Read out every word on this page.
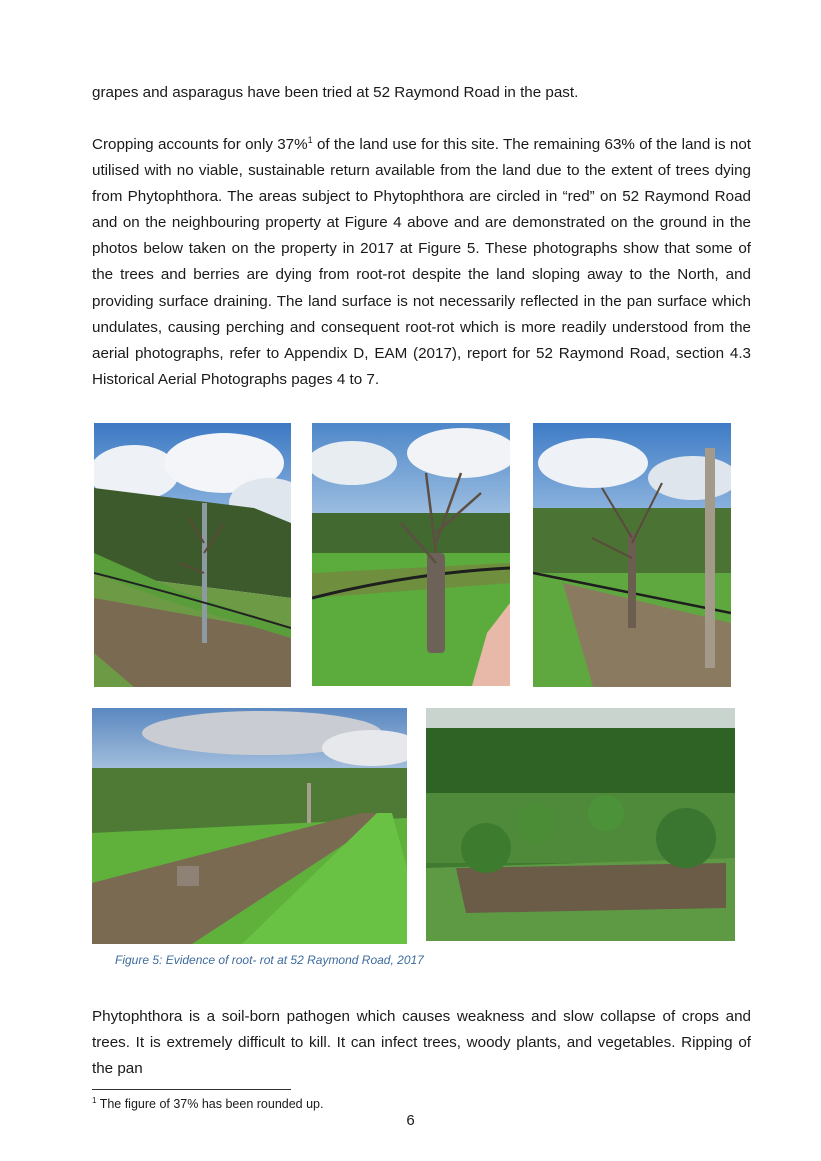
grapes and asparagus have been tried at 52 Raymond Road in the past.

Cropping accounts for only 37%$^1$ of the land use for this site. The remaining 63% of the land is not utilised with no viable, sustainable return available from the land due to the extent of trees dying from Phytophthora. The areas subject to Phytophthora are circled in “red” on 52 Raymond Road and on the neighbouring property at Figure 4 above and are demonstrated on the ground in the photos below taken on the property in 2017 at Figure 5. These photographs show that some of the trees and berries are dying from root-rot despite the land sloping away to the North, and providing surface draining. The land surface is not necessarily reflected in the pan surface which undulates, causing perching and consequent root-rot which is more readily understood from the aerial photographs, refer to Appendix D, EAM (2017), report for 52 Raymond Road, section 4.3 Historical Aerial Photographs pages 4 to 7.

Figure 5: Evidence of root- rot at 52 Raymond Road, 2017

Phytophthora is a soil-born pathogen which causes weakness and slow collapse of crops and trees. It is extremely difficult to kill. It can infect trees, woody plants, and vegetables. Ripping of the pan

$^1$ The figure of 37% has been rounded up.
6
